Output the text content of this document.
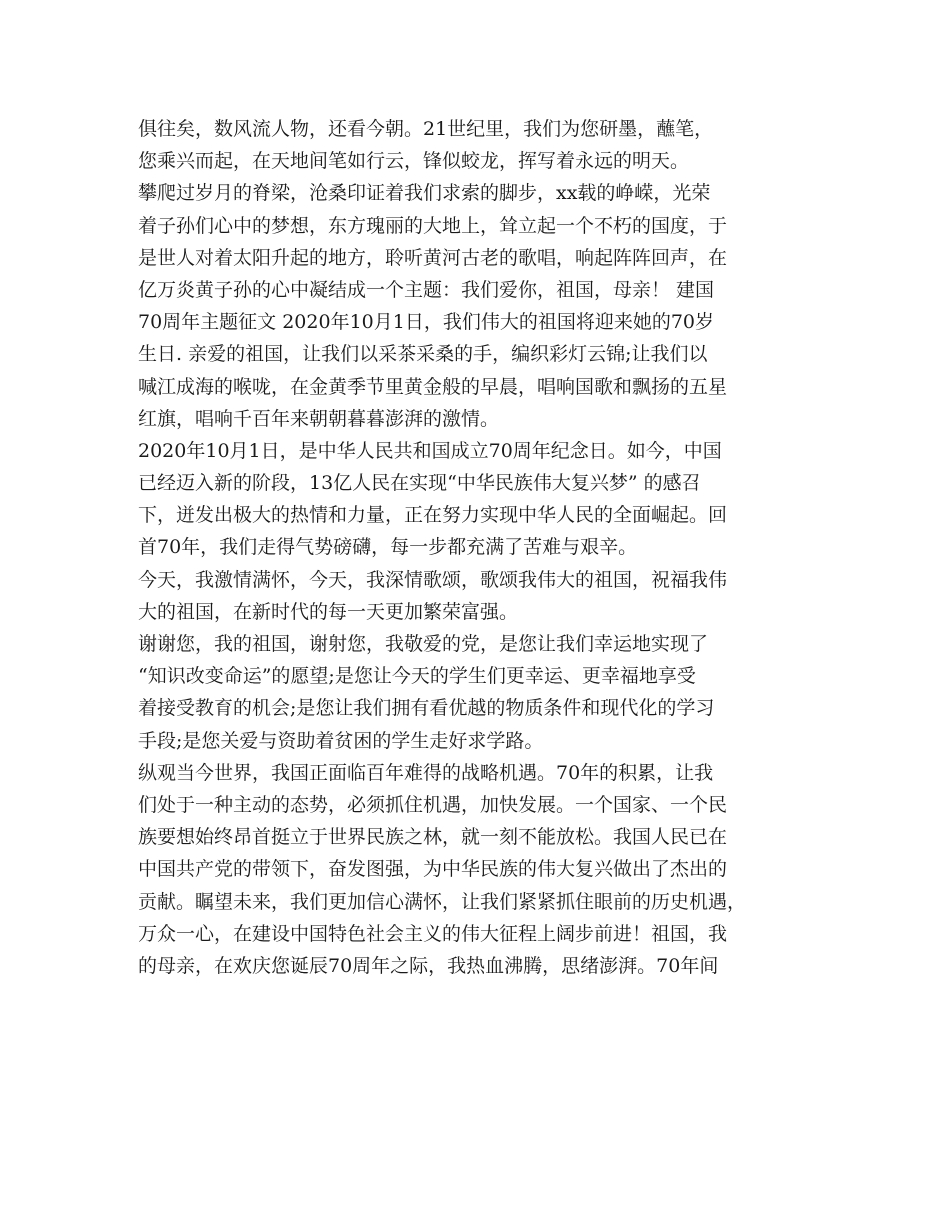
俱往矣，数风流人物，还看今朝。21世纪里，我们为您研墨，蘸笔，
您乘兴而起，在天地间笔如行云，锋似蛟龙，挥写着永远的明天。
攀爬过岁月的脊梁，沧桑印证着我们求索的脚步，xx载的峥嵘，光荣
着子孙们心中的梦想，东方瑰丽的大地上，耸立起一个不朽的国度，于
是世人对着太阳升起的地方，聆听黄河古老的歌唱，响起阵阵回声，在
亿万炎黄子孙的心中凝结成一个主题：我们爱你，祖国，母亲！ 建国
70周年主题征文 2020年10月1日，我们伟大的祖国将迎来她的70岁
生日. 亲爱的祖国，让我们以采茶采桑的手，编织彩灯云锦;让我们以
喊江成海的喉咙，在金黄季节里黄金般的早晨，唱响国歌和飘扬的五星
红旗，唱响千百年来朝朝暮暮澎湃的激情。
2020年10月1日，是中华人民共和国成立70周年纪念日。如今，中国
已经迈入新的阶段，13亿人民在实现“中华民族伟大复兴梦” 的感召
下，迸发出极大的热情和力量，正在努力实现中华人民的全面崛起。回
首70年，我们走得气势磅礴，每一步都充满了苦难与艰辛。
今天，我激情满怀，今天，我深情歌颂，歌颂我伟大的祖国，祝福我伟
大的祖国，在新时代的每一天更加繁荣富强。
谢谢您，我的祖国，谢射您，我敬爱的党，是您让我们幸运地实现了
“知识改变命运”的愿望;是您让今天的学生们更幸运、更幸福地享受
着接受教育的机会;是您让我们拥有看优越的物质条件和现代化的学习
手段;是您关爱与资助着贫困的学生走好求学路。
纵观当今世界，我国正面临百年难得的战略机遇。70年的积累，让我
们处于一种主动的态势，必须抓住机遇，加快发展。一个国家、一个民
族要想始终昂首挺立于世界民族之林，就一刻不能放松。我国人民已在
中国共产党的带领下，奋发图强，为中华民族的伟大复兴做出了杰出的
贡献。瞩望未来，我们更加信心满怀，让我们紧紧抓住眼前的历史机遇，
万众一心，在建设中国特色社会主义的伟大征程上阔步前进！祖国，我
的母亲，在欢庆您诞辰70周年之际，我热血沸腾，思绪澎湃。70年间
